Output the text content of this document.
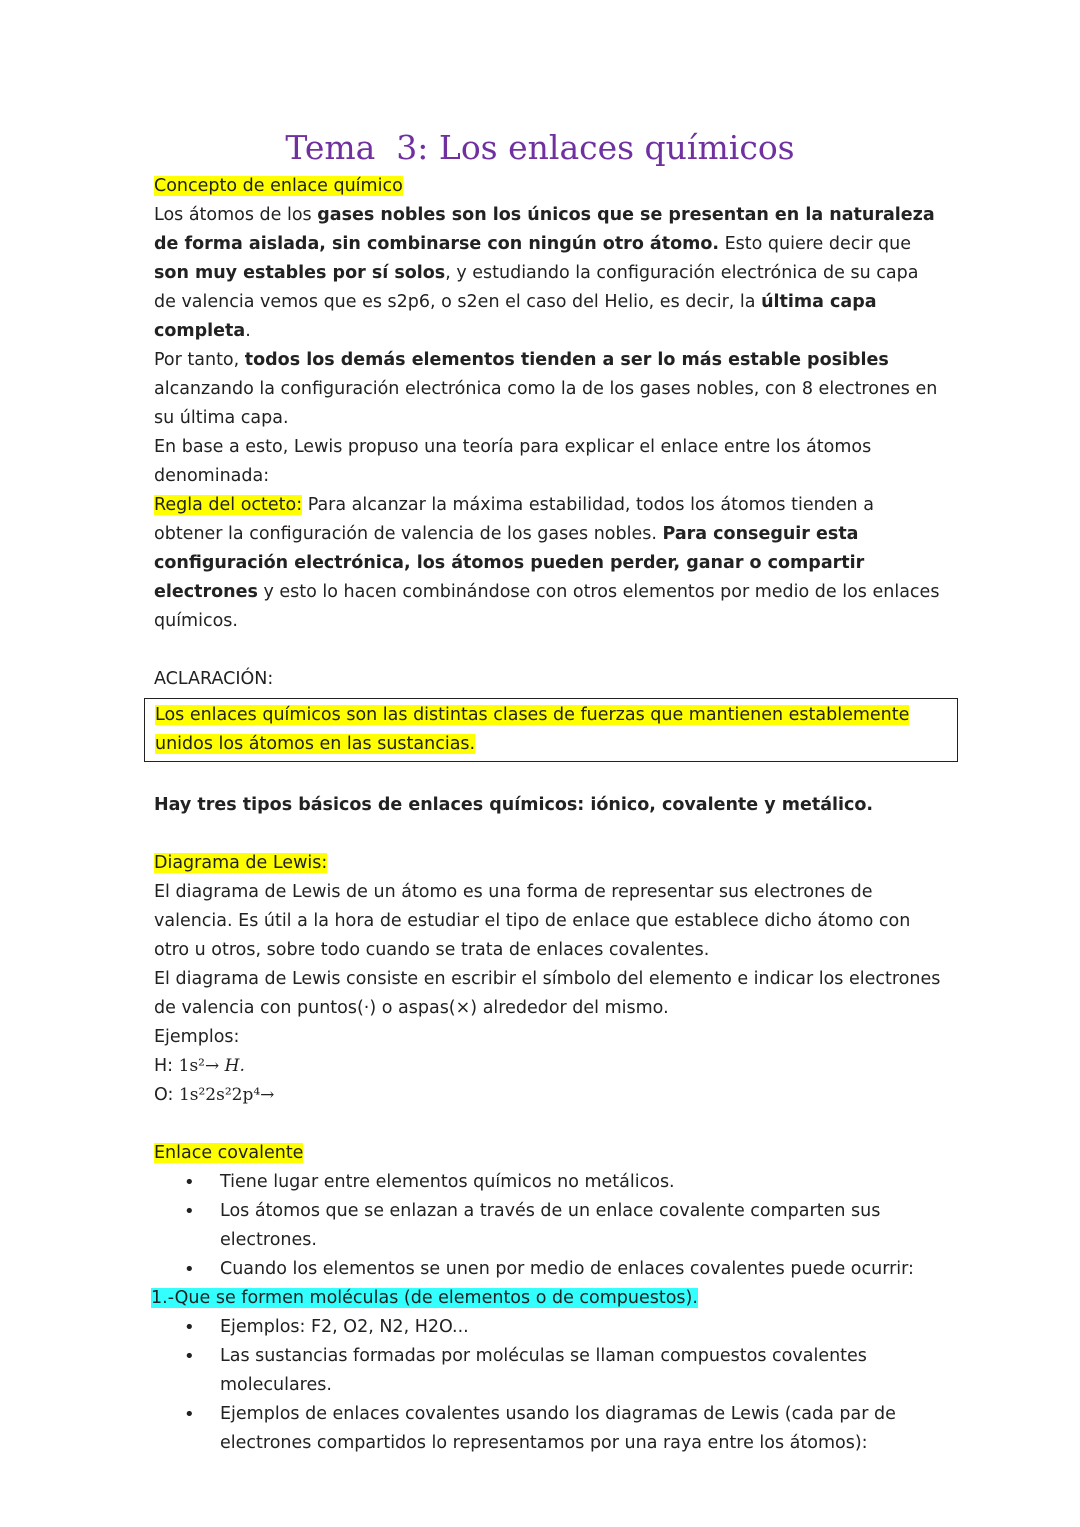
Tema  3: Los enlaces químicos

Concepto de enlace químico

Los átomos de los gases nobles son los únicos que se presentan en la naturaleza de forma aislada, sin combinarse con ningún otro átomo. Esto quiere decir que son muy estables por sí solos, y estudiando la configuración electrónica de su capa de valencia vemos que es s2p6, o s2en el caso del Helio, es decir, la última capa completa.

Por tanto, todos los demás elementos tienden a ser lo más estable posibles alcanzando la configuración electrónica como la de los gases nobles, con 8 electrones en su última capa.

En base a esto, Lewis propuso una teoría para explicar el enlace entre los átomos denominada:

Regla del octeto: Para alcanzar la máxima estabilidad, todos los átomos tienden a obtener la configuración de valencia de los gases nobles. Para conseguir esta configuración electrónica, los átomos pueden perder, ganar o compartir electrones y esto lo hacen combinándose con otros elementos por medio de los enlaces químicos.

ACLARACIÓN:

Los enlaces químicos son las distintas clases de fuerzas que mantienen establemente unidos los átomos en las sustancias.

Hay tres tipos básicos de enlaces químicos: iónico, covalente y metálico.

Diagrama de Lewis:

El diagrama de Lewis de un átomo es una forma de representar sus electrones de valencia. Es útil a la hora de estudiar el tipo de enlace que establece dicho átomo con otro u otros, sobre todo cuando se trata de enlaces covalentes.

El diagrama de Lewis consiste en escribir el símbolo del elemento e indicar los electrones de valencia con puntos(·) o aspas(×) alrededor del mismo.

Ejemplos:

H: 1s²→ H.

O: 1s²2s²2p⁴→

Enlace covalente

• Tiene lugar entre elementos químicos no metálicos.
• Los átomos que se enlazan a través de un enlace covalente comparten sus electrones.
• Cuando los elementos se unen por medio de enlaces covalentes puede ocurrir:

1.-Que se formen moléculas (de elementos o de compuestos).

• Ejemplos: F2, O2, N2, H2O...
• Las sustancias formadas por moléculas se llaman compuestos covalentes moleculares.
• Ejemplos de enlaces covalentes usando los diagramas de Lewis (cada par de electrones compartidos lo representamos por una raya entre los átomos):
